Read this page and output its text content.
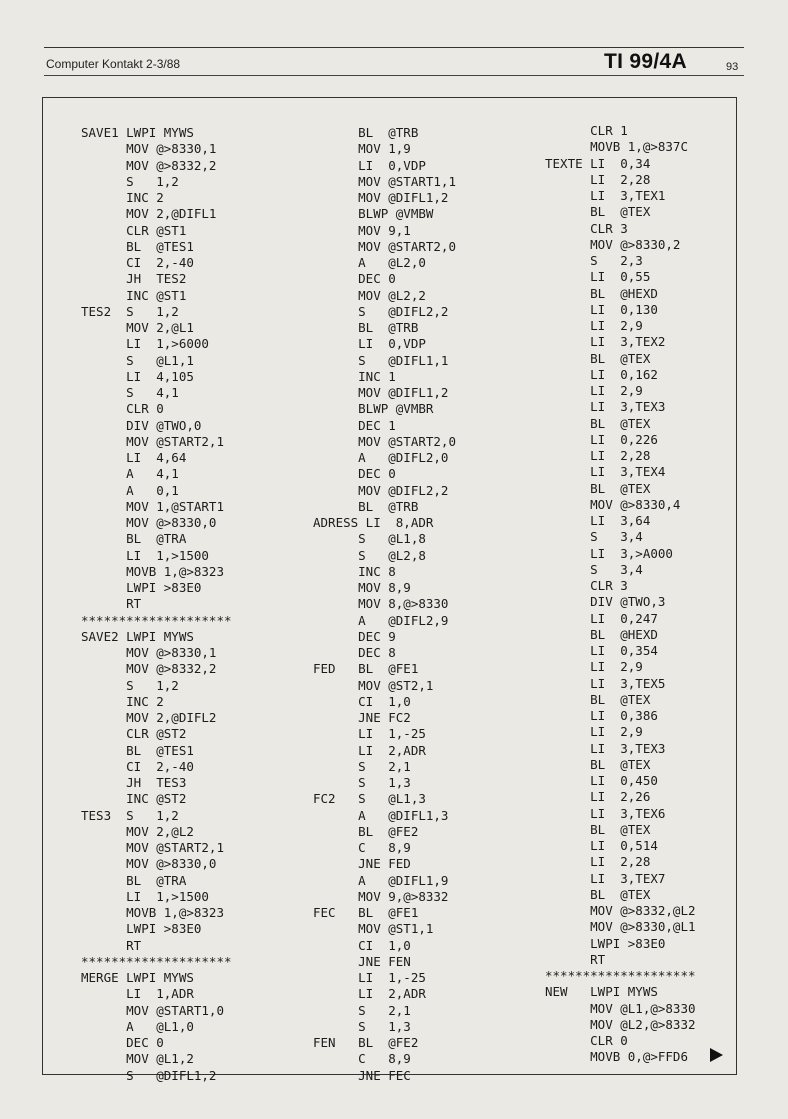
Computer Kontakt 2-3/88	TI 99/4A	93
SAVE1 LWPI MYWS
MOV @>8330,1
MOV @>8332,2
S   1,2
INC 2
MOV 2,@DIFL1
CLR @ST1
BL  @TES1
CI  2,-40
JH  TES2
INC @ST1
TES2  S   1,2
MOV 2,@L1
LI  1,>6000
S   @L1,1
LI  4,105
S   4,1
CLR 0
DIV @TWO,0
MOV @START2,1
LI  4,64
A   4,1
A   0,1
MOV 1,@START1
MOV @>8330,0
BL  @TRA
LI  1,>1500
MOVB 1,@>8323
LWPI >83E0
RT
********************
SAVE2 LWPI MYWS
MOV @>8330,1
MOV @>8332,2
S   1,2
INC 2
MOV 2,@DIFL2
CLR @ST2
BL  @TES1
CI  2,-40
JH  TES3
INC @ST2
TES3  S   1,2
MOV 2,@L2
MOV @START2,1
MOV @>8330,0
BL  @TRA
LI  1,>1500
MOVB 1,@>8323
LWPI >83E0
RT
********************
MERGE LWPI MYWS
LI  1,ADR
MOV @START1,0
A   @L1,0
DEC 0
MOV @L1,2
S   @DIFL1,2
BL  @TRB
MOV 1,9
LI  0,VDP
MOV @START1,1
MOV @DIFL1,2
BLWP @VMBW
MOV 9,1
MOV @START2,0
A   @L2,0
DEC 0
MOV @L2,2
S   @DIFL2,2
BL  @TRB
LI  0,VDP
S   @DIFL1,1
INC 1
MOV @DIFL1,2
BLWP @VMBR
DEC 1
MOV @START2,0
A   @DIFL2,0
DEC 0
MOV @DIFL2,2
BL  @TRB
ADRESS LI  8,ADR
S   @L1,8
S   @L2,8
INC 8
MOV 8,9
MOV 8,@>8330
A   @DIFL2,9
DEC 9
DEC 8
FED   BL  @FE1
MOV @ST2,1
CI  1,0
JNE FC2
LI  1,-25
LI  2,ADR
S   2,1
S   1,3
FC2   S   @L1,3
A   @DIFL1,3
BL  @FE2
C   8,9
JNE FED
A   @DIFL1,9
MOV 9,@>8332
FEC   BL  @FE1
MOV @ST1,1
CI  1,0
JNE FEN
LI  1,-25
LI  2,ADR
S   2,1
S   1,3
FEN   BL  @FE2
C   8,9
JNE FEC
CLR 1
MOVB 1,@>837C
TEXTE LI  0,34
LI  2,28
LI  3,TEX1
BL  @TEX
CLR 3
MOV @>8330,2
S   2,3
LI  0,55
BL  @HEXD
LI  0,130
LI  2,9
LI  3,TEX2
BL  @TEX
LI  0,162
LI  2,9
LI  3,TEX3
BL  @TEX
LI  0,226
LI  2,28
LI  3,TEX4
BL  @TEX
MOV @>8330,4
LI  3,64
S   3,4
LI  3,>A000
S   3,4
CLR 3
DIV @TWO,3
LI  0,247
BL  @HEXD
LI  0,354
LI  2,9
LI  3,TEX5
BL  @TEX
LI  0,386
LI  2,9
LI  3,TEX3
BL  @TEX
LI  0,450
LI  2,26
LI  3,TEX6
BL  @TEX
LI  0,514
LI  2,28
LI  3,TEX7
BL  @TEX
MOV @>8332,@L2
MOV @>8330,@L1
LWPI >83E0
RT
********************
NEW   LWPI MYWS
MOV @L1,@>8330
MOV @L2,@>8332
CLR 0
MOVB 0,@>FFD6
